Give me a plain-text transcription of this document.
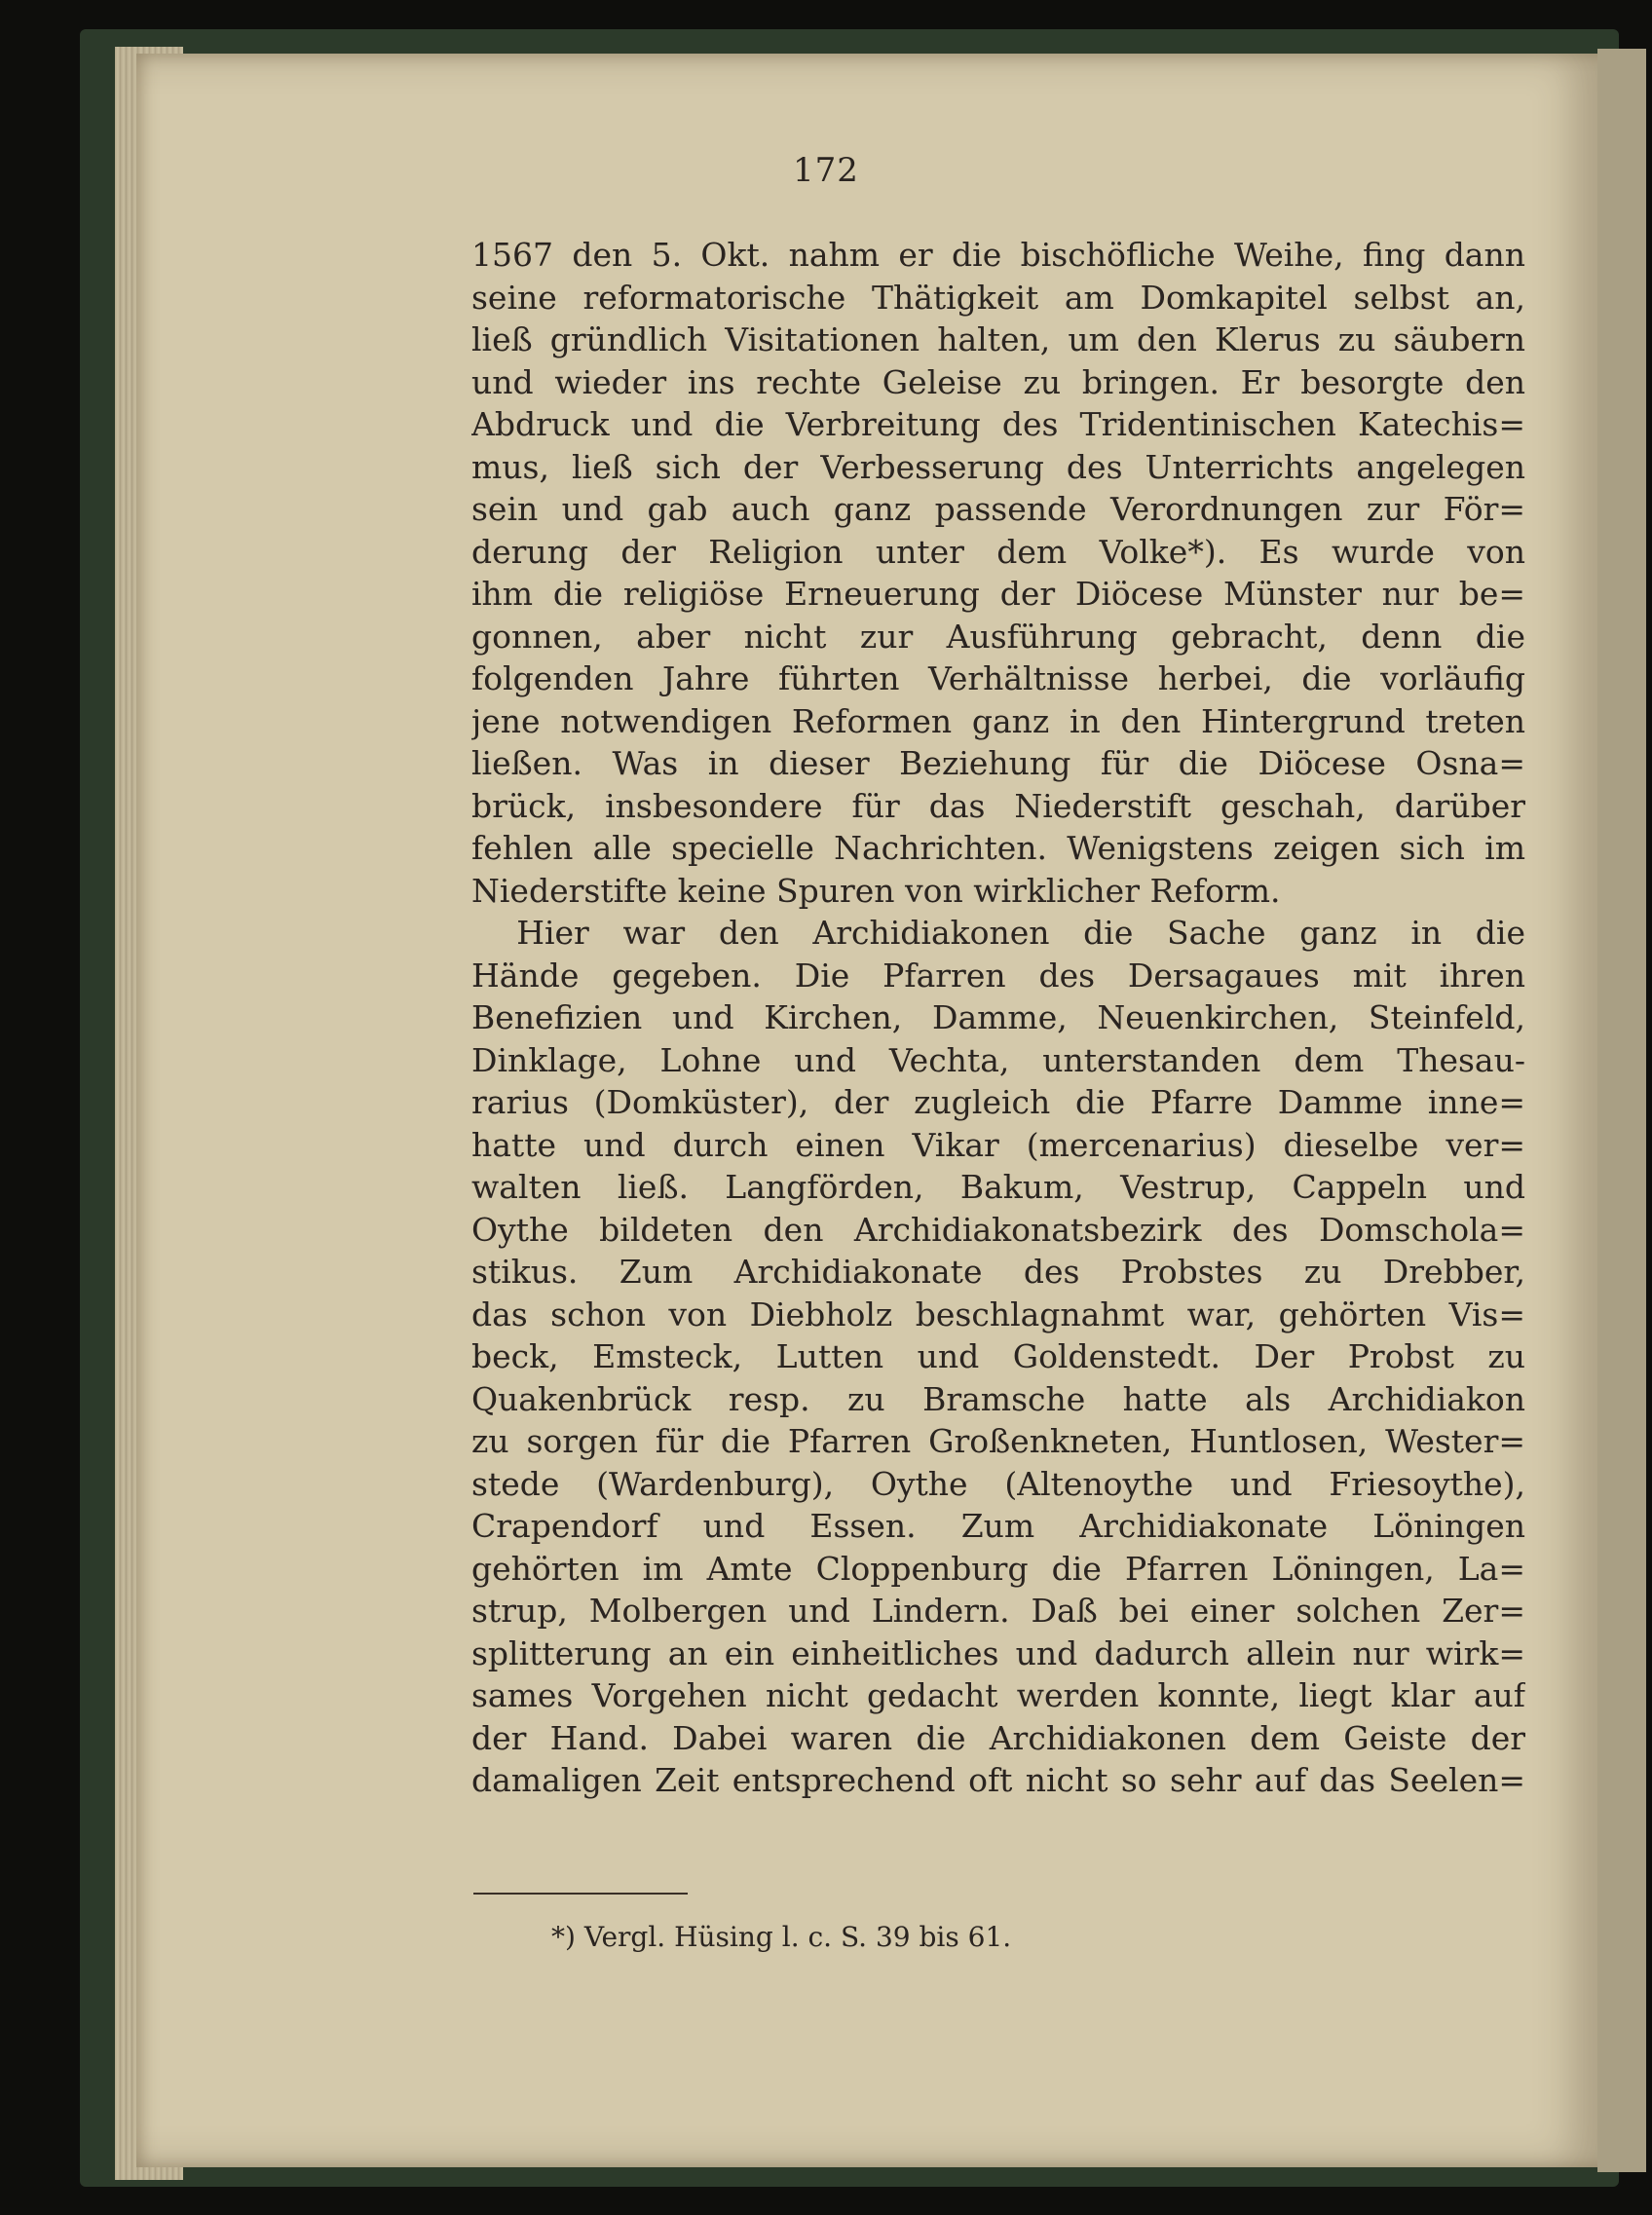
172
1567 den 5. Okt. nahm er die bischöfliche Weihe, fing dann
seine reformatorische Thätigkeit am Domkapitel selbst an,
ließ gründlich Visitationen halten, um den Klerus zu säubern
und wieder ins rechte Geleise zu bringen. Er besorgte den
Abdruck und die Verbreitung des Tridentinischen Katechis=
mus, ließ sich der Verbesserung des Unterrichts angelegen
sein und gab auch ganz passende Verordnungen zur För=
derung der Religion unter dem Volke*). Es wurde von
ihm die religiöse Erneuerung der Diöcese Münster nur be=
gonnen, aber nicht zur Ausführung gebracht, denn die
folgenden Jahre führten Verhältnisse herbei, die vorläufig
jene notwendigen Reformen ganz in den Hintergrund treten
ließen. Was in dieser Beziehung für die Diöcese Osna=
brück, insbesondere für das Niederstift geschah, darüber
fehlen alle specielle Nachrichten. Wenigstens zeigen sich im
Niederstifte keine Spuren von wirklicher Reform.
Hier war den Archidiakonen die Sache ganz in die
Hände gegeben. Die Pfarren des Dersagaues mit ihren
Benefizien und Kirchen, Damme, Neuenkirchen, Steinfeld,
Dinklage, Lohne und Vechta, unterstanden dem Thesau-
rarius (Domküster), der zugleich die Pfarre Damme inne=
hatte und durch einen Vikar (mercenarius) dieselbe ver=
walten ließ. Langförden, Bakum, Vestrup, Cappeln und
Oythe bildeten den Archidiakonatsbezirk des Domschola=
stikus. Zum Archidiakonate des Probstes zu Drebber,
das schon von Diebholz beschlagnahmt war, gehörten Vis=
beck, Emsteck, Lutten und Goldenstedt. Der Probst zu
Quakenbrück resp. zu Bramsche hatte als Archidiakon
zu sorgen für die Pfarren Großenkneten, Huntlosen, Wester=
stede (Wardenburg), Oythe (Altenoythe und Friesoythe),
Crapendorf und Essen. Zum Archidiakonate Löningen
gehörten im Amte Cloppenburg die Pfarren Löningen, La=
strup, Molbergen und Lindern. Daß bei einer solchen Zer=
splitterung an ein einheitliches und dadurch allein nur wirk=
sames Vorgehen nicht gedacht werden konnte, liegt klar auf
der Hand. Dabei waren die Archidiakonen dem Geiste der
damaligen Zeit entsprechend oft nicht so sehr auf das Seelen=
*) Vergl. Hüsing l. c. S. 39 bis 61.
